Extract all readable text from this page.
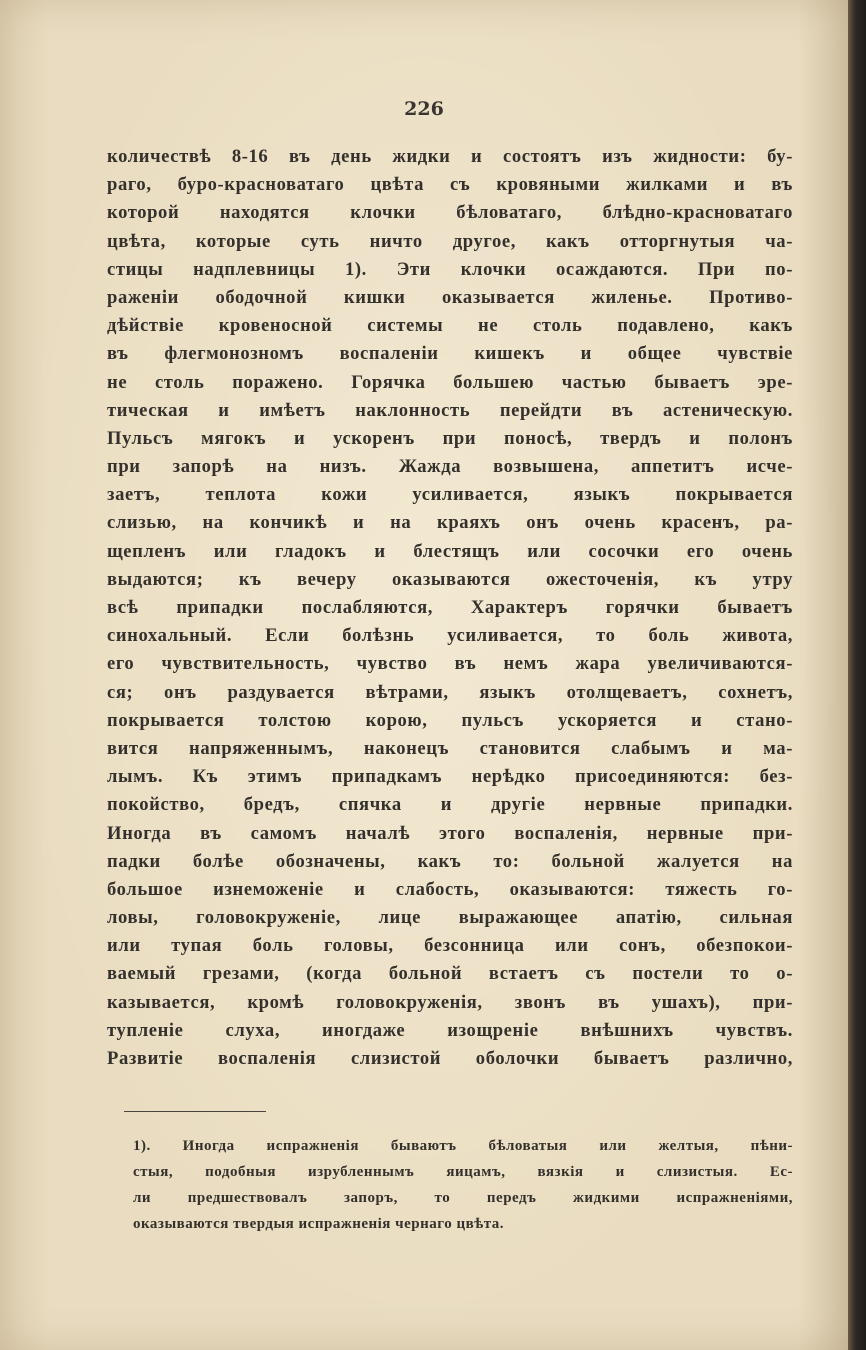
226
количествѣ 8-16 въ день жидки и состоятъ изъ жидности: бу-
раго, буро-красноватаго цвѣта съ кровяными жилками и въ
которой находятся клочки бѣловатаго, блѣдно-красноватаго
цвѣта, которые суть ничто другое, какъ отторгнутыя ча-
стицы надплевницы 1). Эти клочки осаждаются. При по-
раженіи ободочной кишки оказывается жиленье. Противо-
дѣйствіе кровеносной системы не столь подавлено, какъ
въ флегмонозномъ воспаленіи кишекъ и общее чувствіе
не столь поражено. Горячка большею частью бываетъ эре-
тическая и имѣетъ наклонность перейдти въ астеническую.
Пульсъ мягокъ и ускоренъ при поносѣ, твердъ и полонъ
при запорѣ на низъ. Жажда возвышена, аппетитъ исче-
заетъ, теплота кожи усиливается, языкъ покрывается
слизью, на кончикѣ и на краяхъ онъ очень красенъ, ра-
щепленъ или гладокъ и блестящъ или сосочки его очень
выдаются; къ вечеру оказываются ожесточенія, къ утру
всѣ припадки послабляются, Характеръ горячки бываетъ
синохальный. Если болѣзнь усиливается, то боль живота,
его чувствительность, чувство въ немъ жара увеличиваются-
ся; онъ раздувается вѣтрами, языкъ отолщеваетъ, сохнетъ,
покрывается толстою корою, пульсъ ускоряется и стано-
вится напряженнымъ, наконецъ становится слабымъ и ма-
лымъ. Къ этимъ припадкамъ нерѣдко присоединяются: без-
покойство, бредъ, спячка и другіе нервные припадки.
Иногда въ самомъ началѣ этого воспаленія, нервные при-
падки болѣе обозначены, какъ то: больной жалуется на
большое изнеможеніе и слабость, оказываются: тяжесть го-
ловы, головокруженіе, лице выражающее апатію, сильная
или тупая боль головы, безсонница или сонъ, обезпокои-
ваемый грезами, (когда больной встаетъ съ постели то о-
казывается, кромѣ головокруженія, звонъ въ ушахъ), при-
тупленіе слуха, иногдаже изощреніе внѣшнихъ чувствъ.
Развитіе воспаленія слизистой оболочки бываетъ различно,
1). Иногда испражненія бываютъ бѣловатыя или желтыя, пѣни-
стыя, подобныя изрубленнымъ яицамъ, вязкія и слизистыя. Ес-
ли предшествовалъ запоръ, то передъ жидкими испражненіями,
оказываются твердыя испражненія чернаго цвѣта.
